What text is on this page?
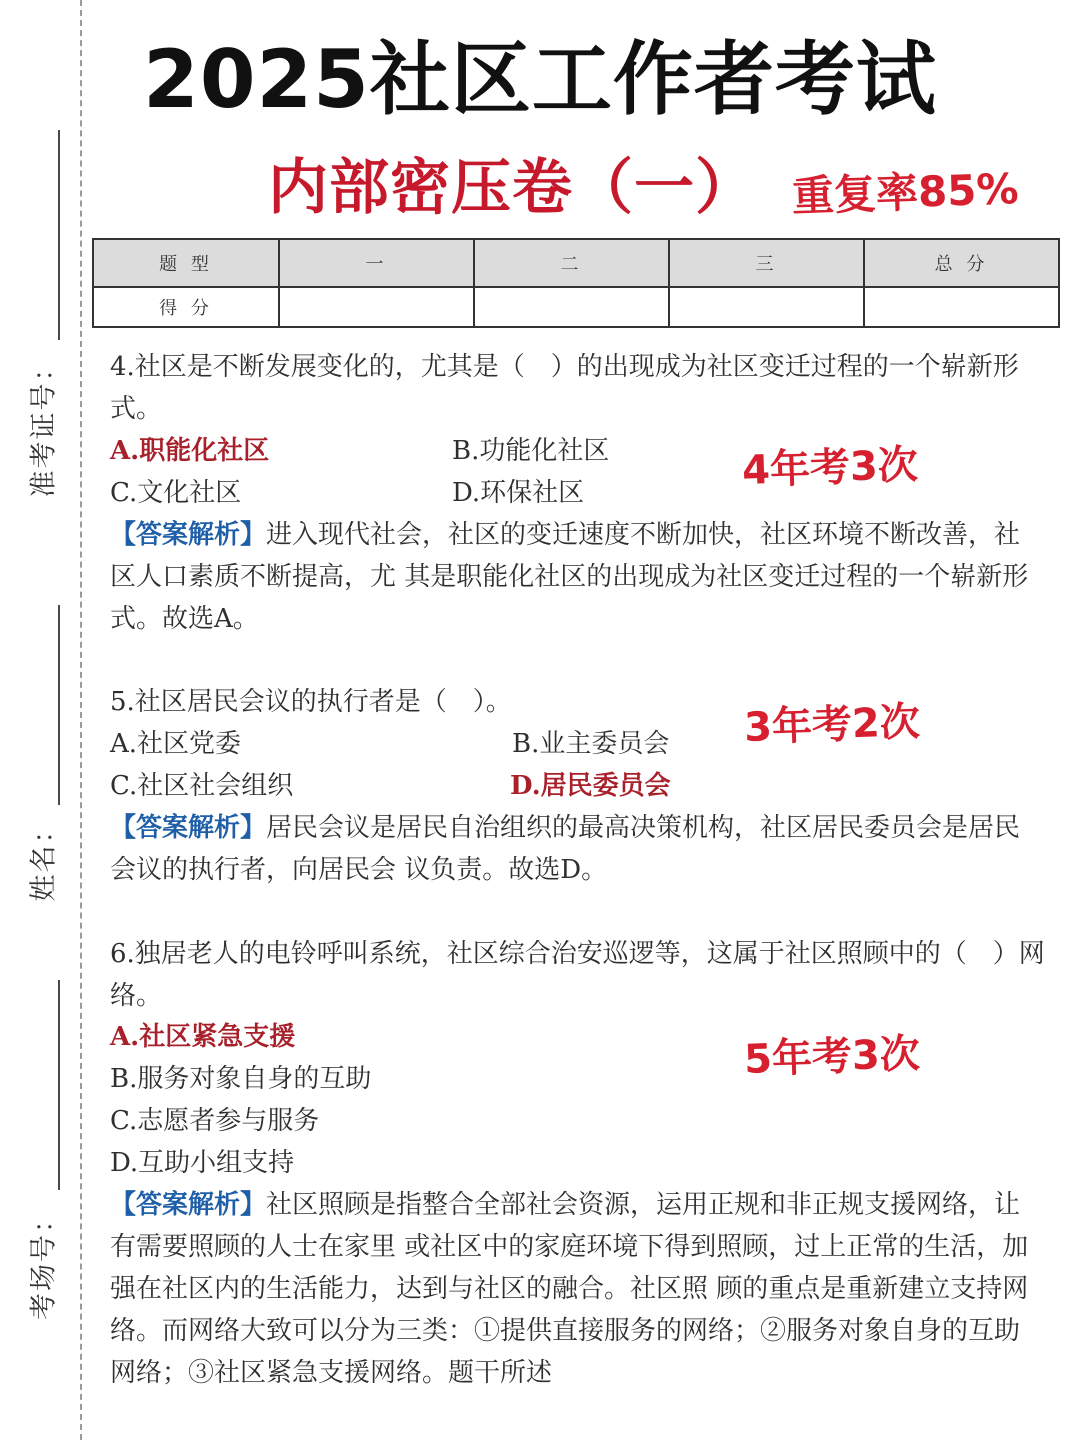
准考证号：
姓名：
考场号：
2025社区工作者考试
内部密压卷（一） 重复率85%
题 型	一	二	三	总 分
得 分				
4.社区是不断发展变化的，尤其是（　）的出现成为社区变迁过程的一个崭新形式。
A.职能化社区	B.功能化社区
C.文化社区	D.环保社区	4年考3次
【答案解析】进入现代社会，社区的变迁速度不断加快，社区环境不断改善，社区人口素质不断提高，尤 其是职能化社区的出现成为社区变迁过程的一个崭新形式。故选A。
5.社区居民会议的执行者是（　）。
A.社区党委	B.业主委员会
C.社区社会组织	D.居民委员会
3年考2次
【答案解析】居民会议是居民自治组织的最高决策机构，社区居民委员会是居民会议的执行者，向居民会 议负责。故选D。
6.独居老人的电铃呼叫系统，社区综合治安巡逻等，这属于社区照顾中的（　）网络。
A.社区紧急支援
B.服务对象自身的互助
C.志愿者参与服务
D.互助小组支持
5年考3次
【答案解析】社区照顾是指整合全部社会资源，运用正规和非正规支援网络，让有需要照顾的人士在家里 或社区中的家庭环境下得到照顾，过上正常的生活，加强在社区内的生活能力，达到与社区的融合。社区照 顾的重点是重新建立支持网络。而网络大致可以分为三类：①提供直接服务的网络；②服务对象自身的互助 网络；③社区紧急支援网络。题干所述
